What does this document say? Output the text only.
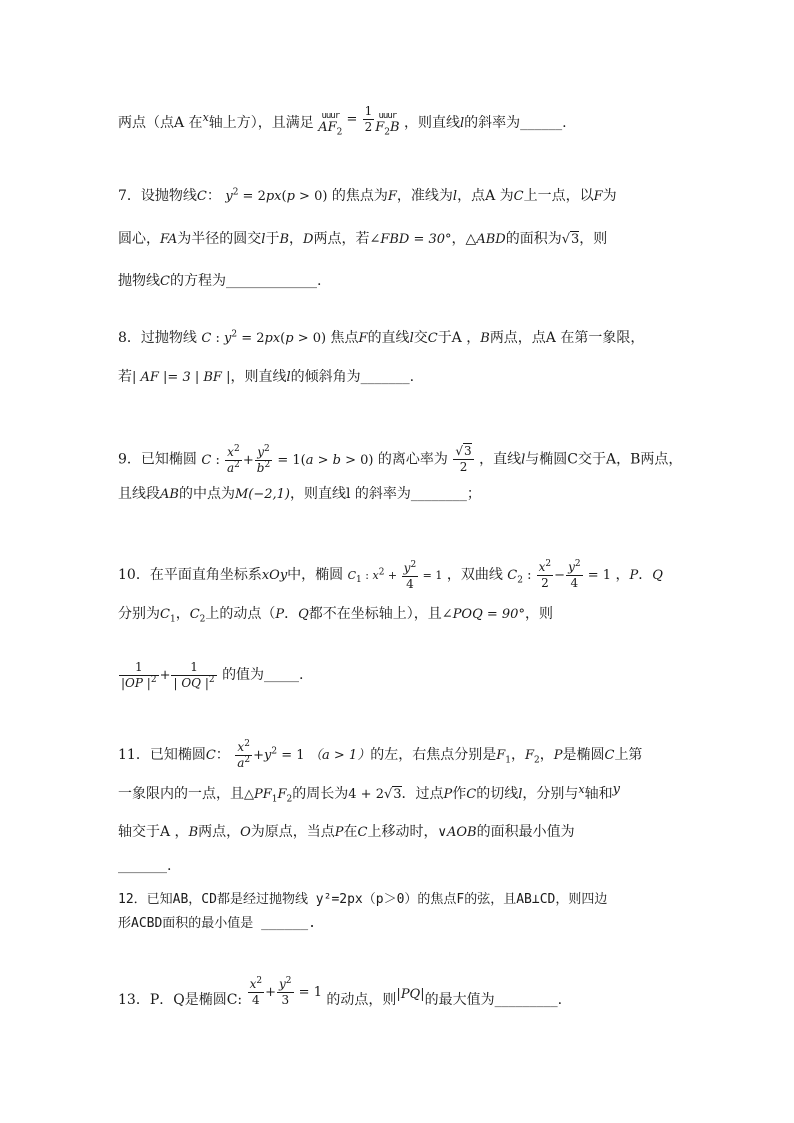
两点（点A 在$^x$轴上方），且满足 uuur
$AF_2 = \frac{1}{2}$ uuur
$F_2B$ ，则直线l的斜率为______.
7．设抛物线C： $y^2 = 2px(p > 0)$ 的焦点为F，准线为l，点A 为C上一点，以F为
圆心，FA为半径的圆交l于B，D两点，若∠FBD = 30°，△ABD的面积为√3，则
抛物线C的方程为_____________.
8．过抛物线 C : $y^2 = 2px(p > 0)$ 焦点F的直线l交C于A ，B两点，点A 在第一象限，
若| AF |= 3 | BF |，则直线l的倾斜角为_______.
9．已知椭圆 C : $\frac{x^2}{a^2} + \frac{y^2}{b^2} = 1(a > b > 0)$ 的离心率为 $\frac{√3}{2}$ ，直线l与椭圆C交于A，B两点，
且线段AB的中点为M(−2,1)，则直线l 的斜率为________；
10．在平面直角坐标系xOy中，椭圆 $C_1$ : $x^2 + \frac{y^2}{4} = 1$ ，双曲线 $C_2$ : $\frac{x^2}{2} - \frac{y^2}{4} = 1$ ，P．Q
分别为$C_1$，$C_2$上的动点（P．Q都不在坐标轴上），且∠POQ = 90°，则
$\frac{1}{|OP |^2} + \frac{1}{| OQ |^2}$ 的值为_____.
11．已知椭圆C： $\frac{x^2}{a^2} +y^2 = 1$ （a > 1）的左，右焦点分别是$F_1$，$F_2$，P是椭圆C上第
一象限内的一点，且$\triangle PF_1F_2$的周长为4 + 2√3．过点P作C的切线l，分别与$^x$轴和y
轴交于A ，B两点，O为原点，当点P在C上移动时，∨AOB的面积最小值为
_______.
12．已知AB，CD都是经过抛物线 y²=2px（p＞0）的焦点F的弦，且AB⊥CD，则四边
形ACBD面积的最小值是 ______.
13．P．Q是椭圆C: $\frac{x^2}{4} + \frac{y^2}{3} = 1$ 的动点，则|PQ|的最大值为_________.
